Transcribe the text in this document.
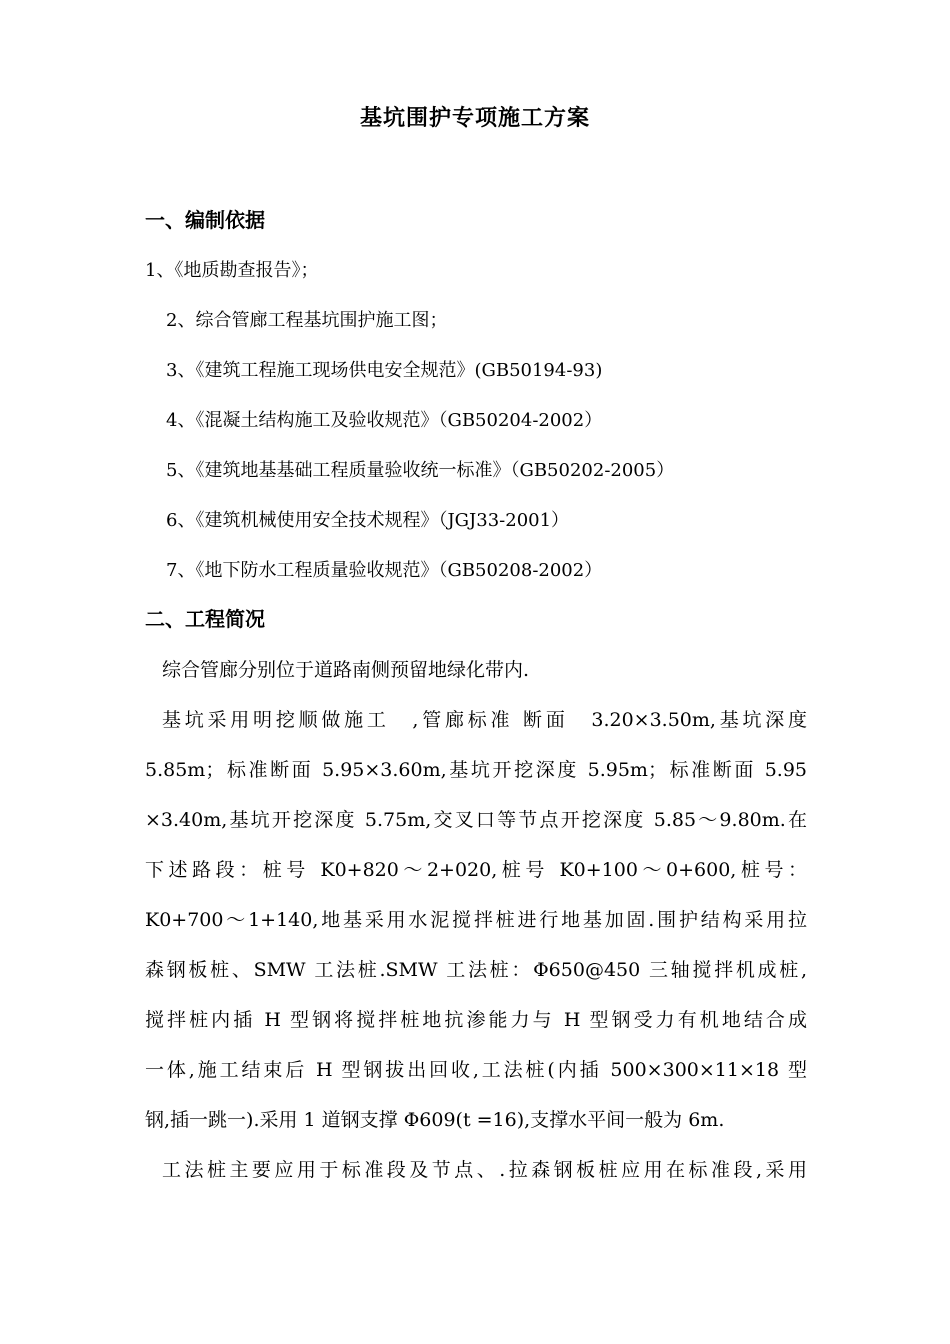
基坑围护专项施工方案
一、编制依据

1、《地质勘查报告》；

2、综合管廊工程基坑围护施工图；

3、《建筑工程施工现场供电安全规范》(GB50194-93)

4、《混凝土结构施工及验收规范》（GB50204-2002）

5、《建筑地基基础工程质量验收统一标准》（GB50202-2005）

6、《建筑机械使用安全技术规程》（JGJ33-2001）

7、《地下防水工程质量验收规范》（GB50208-2002）

二、工程简况

综合管廊分别位于道路南侧预留地绿化带内.

基坑采用明挖顺做施工　,管廊标准 断面　3.20×3.50m,基坑深度

5.85m；标准断面 5.95×3.60m,基坑开挖深度 5.95m；标准断面 5.95

×3.40m,基坑开挖深度 5.75m,交叉口等节点开挖深度 5.85～9.80m.在

下述路段：桩号 K0+820～2+020,桩号 K0+100～0+600,桩号：

K0+700～1+140,地基采用水泥搅拌桩进行地基加固.围护结构采用拉

森钢板桩、SMW 工法桩.SMW 工法桩：Φ650@450 三轴搅拌机成桩,

搅拌桩内插 H 型钢将搅拌桩地抗渗能力与 H 型钢受力有机地结合成

一体,施工结束后 H 型钢拔出回收,工法桩(内插 500×300×11×18 型

钢,插一跳一).采用 1 道钢支撑 Φ609(t =16),支撑水平间一般为 6m.

工法桩主要应用于标准段及节点、.拉森钢板桩应用在标准段,采用
